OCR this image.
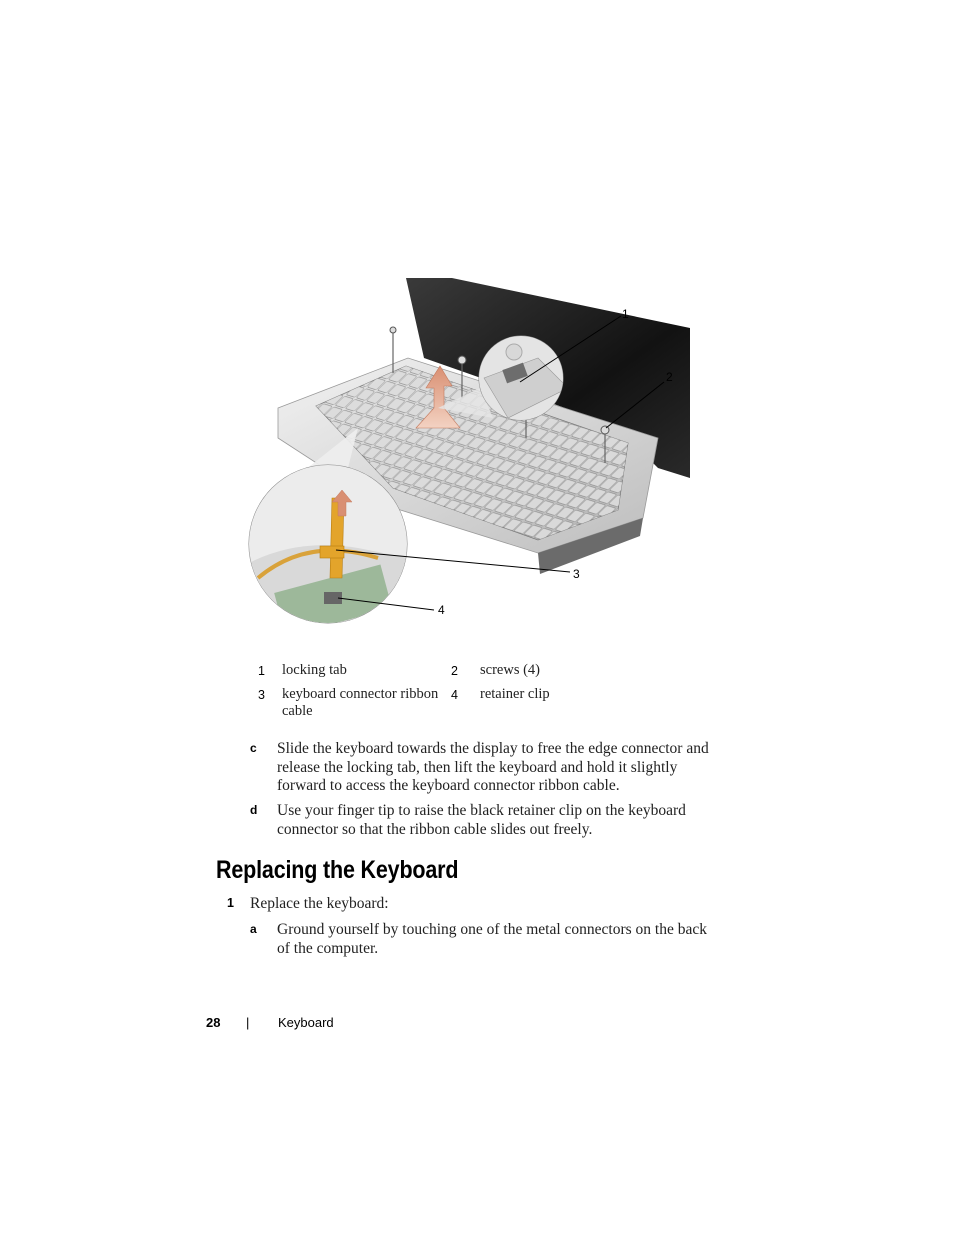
1
2
3
4
1 locking tab	2 screws (4)
3 keyboard connector ribbon cable
4 retainer clip
c Slide the keyboard towards the display to free the edge connector and release the locking tab, then lift the keyboard and hold it slightly forward to access the keyboard connector ribbon cable.
d Use your finger tip to raise the black retainer clip on the keyboard connector so that the ribbon cable slides out freely.
Replacing the Keyboard
1 Replace the keyboard:
a Ground yourself by touching one of the metal connectors on the back of the computer.
28 | Keyboard
